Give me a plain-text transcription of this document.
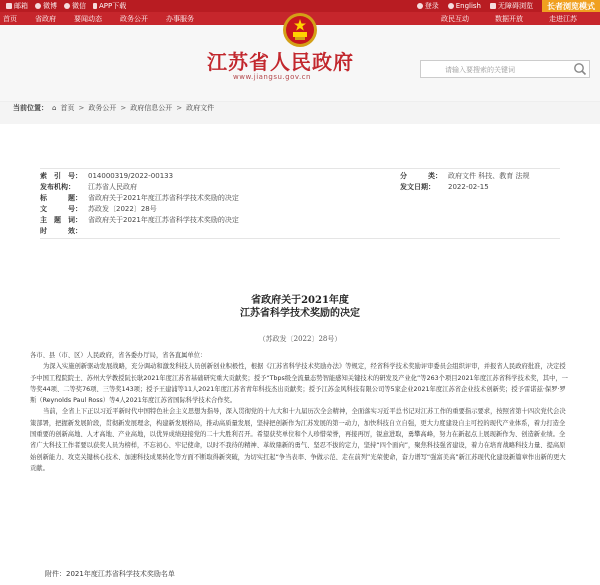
邮箱 微博 微信 APP下载	登录 English 无障碍浏览	长者浏览模式
首页	省政府	要闻动态	政务公开	办事服务	政民互动	数据开放	走进江苏
江苏省人民政府
www.jiangsu.gov.cn
请输入要搜索的关键词
当前位置： ⌂ 首页 > 政务公开 > 政府信息公开 > 政府文件
索　引　号： 014000319/2022-00133	分　　　类： 政府文件 科技、教育 法规
发布机构：	江苏省人民政府	发文日期：	2022-02-15
标　　　题： 省政府关于2021年度江苏省科学技术奖励的决定
文　　　号： 苏政发〔2022〕28号
主　题　词： 省政府关于2021年度江苏省科学技术奖励的决定
时　　　效：
省政府关于2021年度
江苏省科学技术奖励的决定
（苏政发〔2022〕28号）

各市、县（市、区）人民政府，省各委办厅局，省各直属单位：

为深入实施创新驱动发展战略，充分调动和激发科技人员创新创业积极性，根据《江苏省科学技术奖励办法》等规定，经省科学技术奖励评审委员会组织评审，并报省人民政府批准，决定授予中国工程院院士、苏州大学教授阮长耿2021年度江苏省基础研究重大贡献奖；授予“Tbps级全流量态势智能感知关键技术的研发及产业化”等263个项目2021年度江苏省科学技术奖，其中，一等奖44项、二等奖76项、三等奖143项；授予王建浦等11人2021年度江苏省青年科技杰出贡献奖；授予江苏金风科技有限公司等5家企业2021年度江苏省企业技术创新奖；授予雷诺兹·保罗·罗斯（Reynolds Paul Ross）等4人2021年度江苏省国际科学技术合作奖。

当前，全省上下正以习近平新时代中国特色社会主义思想为指导，深入贯彻党的十九大和十九届历次全会精神，全面落实习近平总书记对江苏工作的重要指示要求，按照省第十四次党代会决策部署，把握新发展阶段，贯彻新发展理念，构建新发展格局，推动高质量发展，坚持把创新作为江苏发展的第一动力，加快科技自立自强，更大力度建设自主可控的现代产业体系，着力打造全国重要的创新高地、人才高地、产业高地，以优异成绩迎接党的二十大胜利召开。希望获奖单位和个人珍惜荣誉，再接再厉，锐意进取，勇攀高峰，努力在新起点上展现新作为、创造新业绩。全省广大科技工作者要以获奖人员为榜样，不忘初心、牢记使命，以时不我待的精神、革故鼎新的勇气、坚忍不拔的定力，坚持“四个面向”，聚焦科技强省建设，着力在培育战略科技力量、提高原始创新能力、攻克关键核心技术、加速科技成果转化等方面不断取得新突破，为切实扛起“争当表率、争做示范、走在前列”光荣使命，奋力谱写“强富美高”新江苏现代化建设新篇章作出新的更大贡献。

附件：2021年度江苏省科学技术奖励名单
